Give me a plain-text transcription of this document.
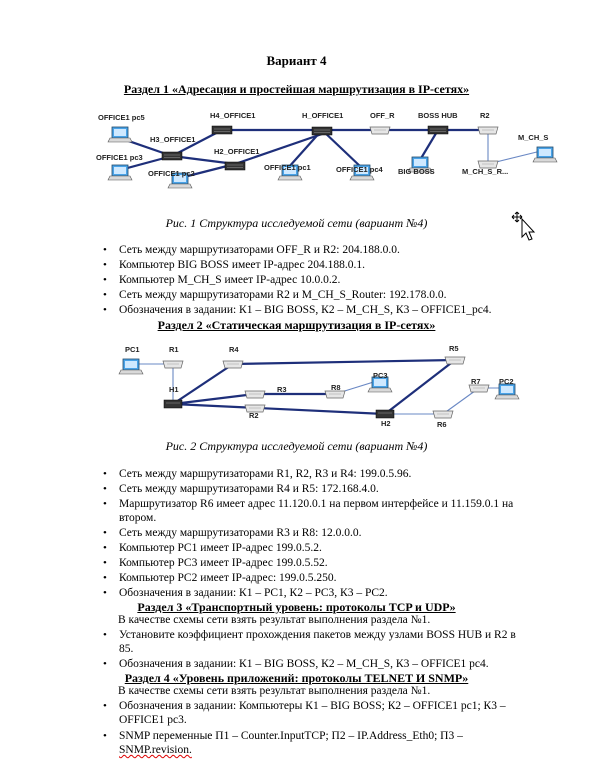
Вариант 4
Раздел 1 «Адресация и простейшая маршрутизация в IP-сетях»
OFFICE1 pc5	H4_OFFICE1	H_OFFICE1	OFF_R	BOSS HUB	R2
H3_OFFICE1	M_CH_S
OFFICE1 pc3
H2_OFFICE1
OFFICE1 pc2
OFFICE1 pc1	OFFICE1 pc4 BIG BOSS	M_CH_S_R...
Рис. 1 Структура исследуемой сети (вариант №4)
• Сеть между маршрутизаторами OFF_R и R2: 204.188.0.0.
• Компьютер BIG BOSS имеет IP-адрес 204.188.0.1.
• Компьютер M_CH_S имеет IP-адрес 10.0.0.2.
• Сеть между маршрутизаторами R2 и M_CH_S_Router: 192.178.0.0.
• Обозначения в задании: К1 – BIG BOSS, К2 – M_CH_S, К3 – OFFICE1_pc4.
Раздел 2 «Статическая маршрутизация в IP-сетях»
PC1	R1	R4	R5
H1	R3	R8
PC3
R7 PC2
R2
H2	R6
Рис. 2 Структура исследуемой сети (вариант №4)
• Сеть между маршрутизаторами R1, R2, R3 и R4: 199.0.5.96.
• Сеть между маршрутизаторами R4 и R5: 172.168.4.0.
• Маршрутизатор R6 имеет адрес 11.120.0.1 на первом интерфейсе и 11.159.0.1 на
втором.
• Сеть между маршрутизаторами R3 и R8: 12.0.0.0.
• Компьютер PC1 имеет IP-адрес 199.0.5.2.
• Компьютер PC3 имеет IP-адрес 199.0.5.52.
• Компьютер PC2 имеет IP-адрес: 199.0.5.250.
• Обозначения в задании: К1 – PC1, К2 – PC3, К3 – PC2.
Раздел 3 «Транспортный уровень: протоколы TCP и UDP»
В качестве схемы сети взять результат выполнения раздела №1.
• Установите коэффициент прохождения пакетов между узлами BOSS HUB и R2 в
85.
• Обозначения в задании: К1 – BIG BOSS, К2 – M_CH_S, К3 – OFFICE1 pc4.
Раздел 4 «Уровень приложений: протоколы TELNET И SNMP»
В качестве схемы сети взять результат выполнения раздела №1.
• Обозначения в задании: Компьютеры К1 – BIG BOSS; К2 – OFFICE1 pc1; К3 –
OFFICE1 pc3.
• SNMP переменные П1 – Counter.InputTCP; П2 – IP.Address_Eth0; П3 –
SNMP.revision.
